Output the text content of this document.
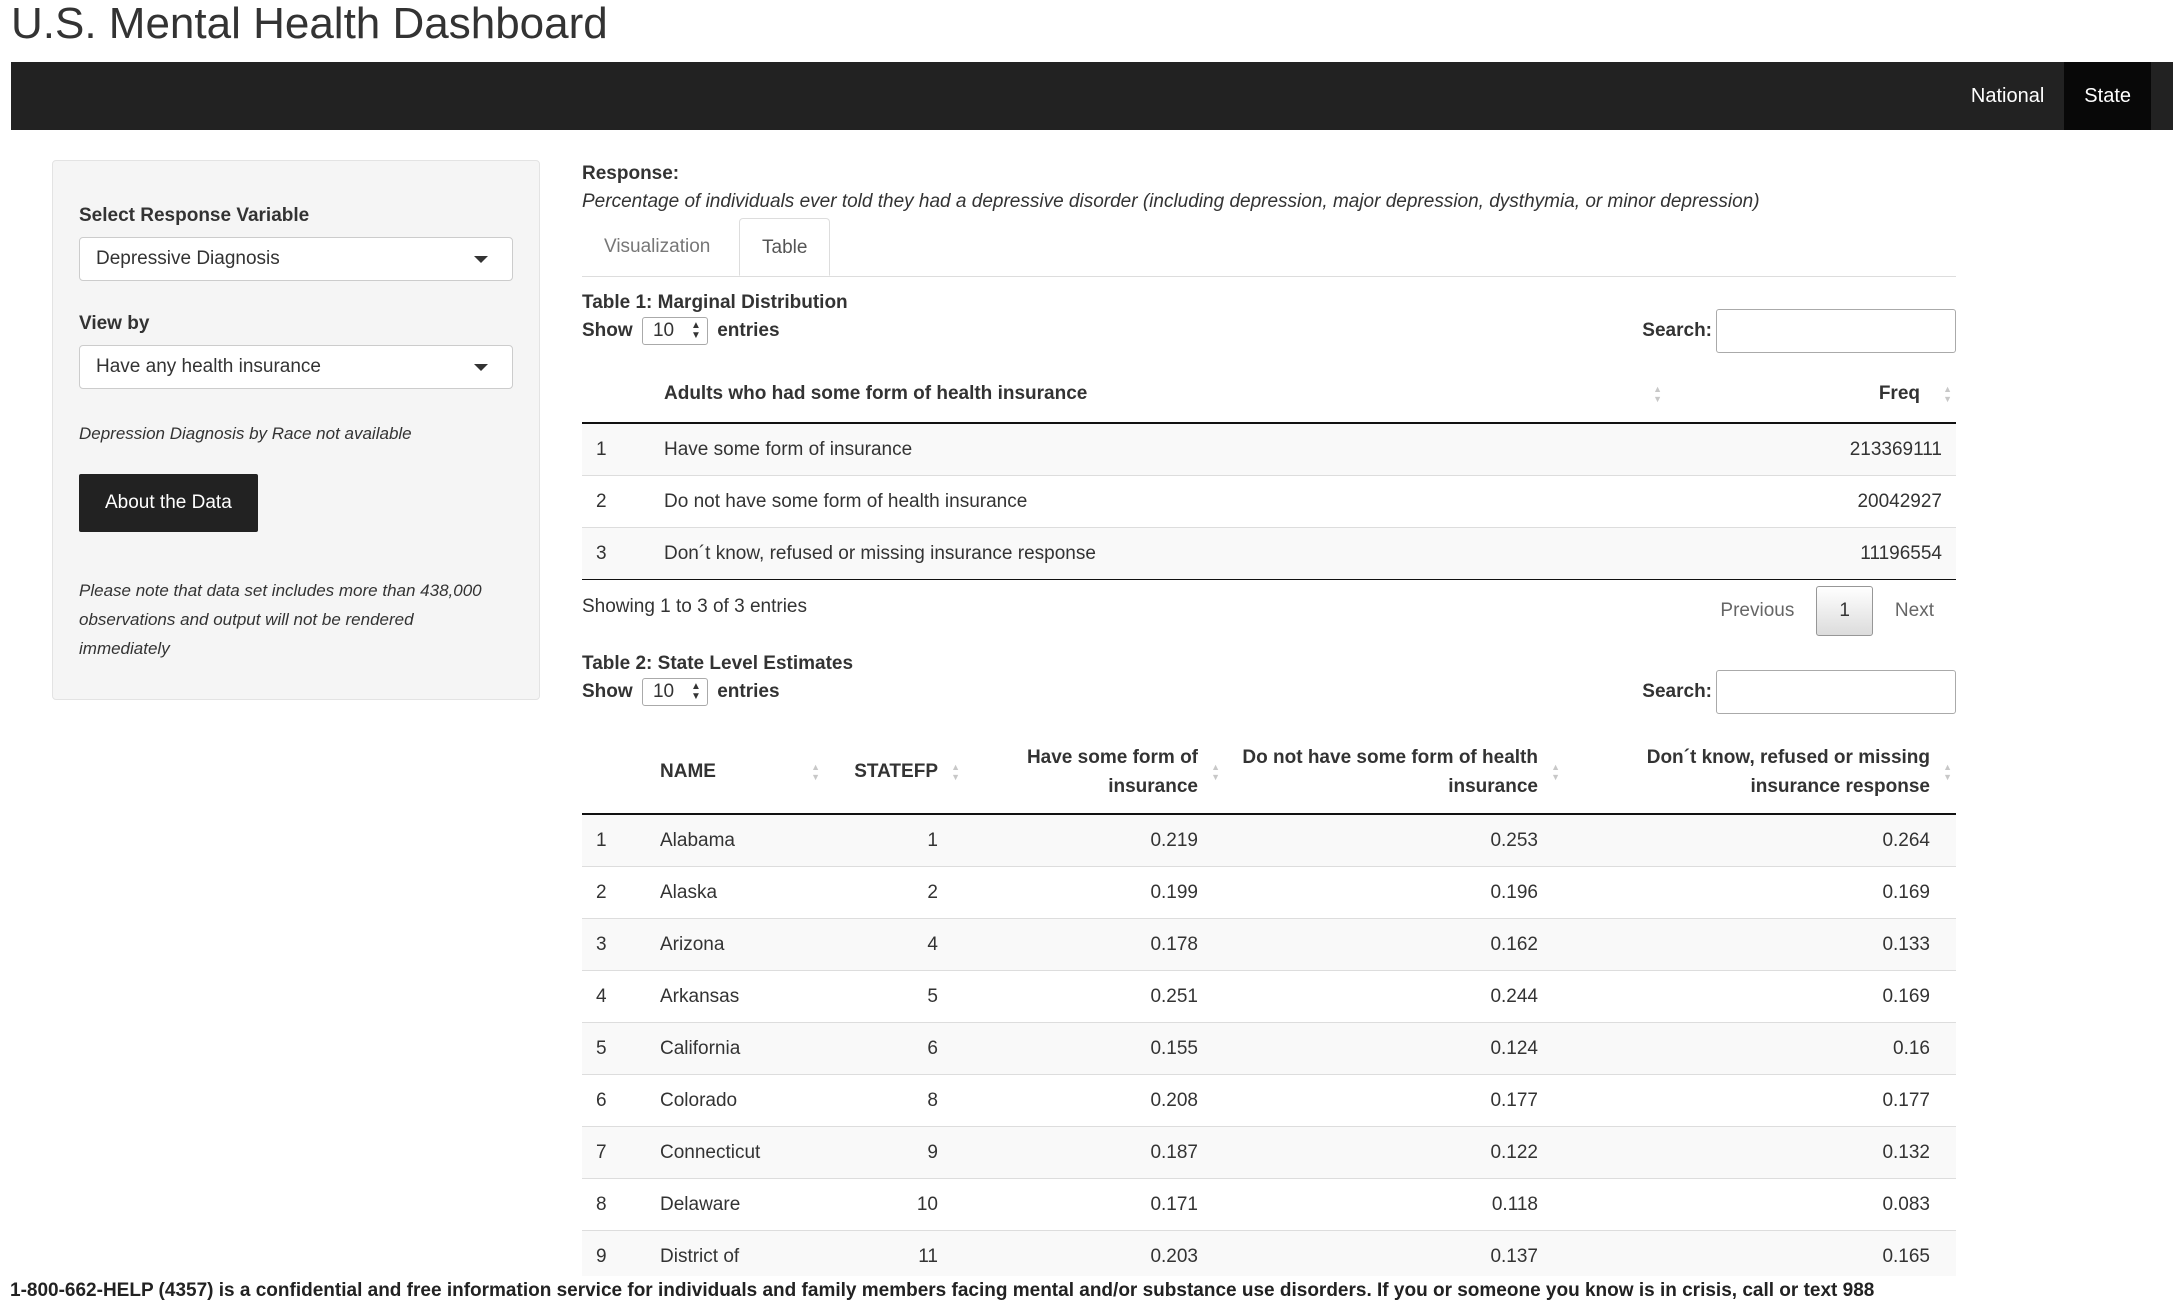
U.S. Mental Health Dashboard
National	State
Select Response Variable
Depressive Diagnosis
View by
Have any health insurance
Depression Diagnosis by Race not available
About the Data
Please note that data set includes more than 438,000 observations and output will not be rendered immediately
Response:
Percentage of individuals ever told they had a depressive disorder (including depression, major depression, dysthymia, or minor depression)
Visualization	Table
Table 1: Marginal Distribution
Show 10 ▲
▼ entries	Search:
	Adults who had some form of health insurance ▲
▼	Freq ▲
▼

1	Have some form of insurance	213369111
2	Do not have some form of health insurance	20042927
3	Don´t know, refused or missing insurance response	11196554
Showing 1 to 3 of 3 entries	Previous	1	Next
Table 2: State Level Estimates
Show 10 ▲
▼ entries	Search:
	NAME ▲
▼	STATEFP ▲
▼	Have some form of insurance
▲
▼	Do not have some form of health insurance
▲
▼	Don´t know, refused or missing insurance response
▲
▼

1	Alabama	1	0.219	0.253	0.264
2	Alaska	2	0.199	0.196	0.169
3	Arizona	4	0.178	0.162	0.133
4	Arkansas	5	0.251	0.244	0.169
5	California	6	0.155	0.124	0.16
6	Colorado	8	0.208	0.177	0.177
7	Connecticut	9	0.187	0.122	0.132
8	Delaware	10	0.171	0.118	0.083
9	District of	11	0.203	0.137	0.165
1-800-662-HELP (4357) is a confidential and free information service for individuals and family members facing mental and/or substance use disorders. If you or someone you know is in crisis, call or text 988
